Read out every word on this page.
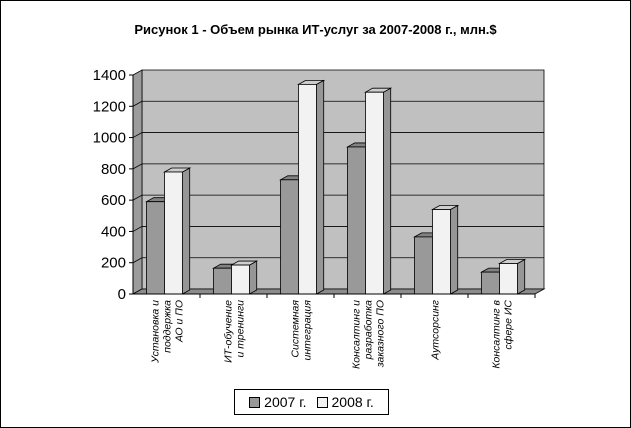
Рисунок 1 - Объем рынка ИТ-услуг за 2007-2008 г., млн.$
0
200
400
600
800
1000
1200
1400
Установка иподдержкаАО и ПО	ИТ-обучениеи тренинги	Системнаяинтеграция	Консалтинг иразработказаказного ПО	Аутсорсинг	Консалтинг всфере ИС
2007 г. 2008 г.
